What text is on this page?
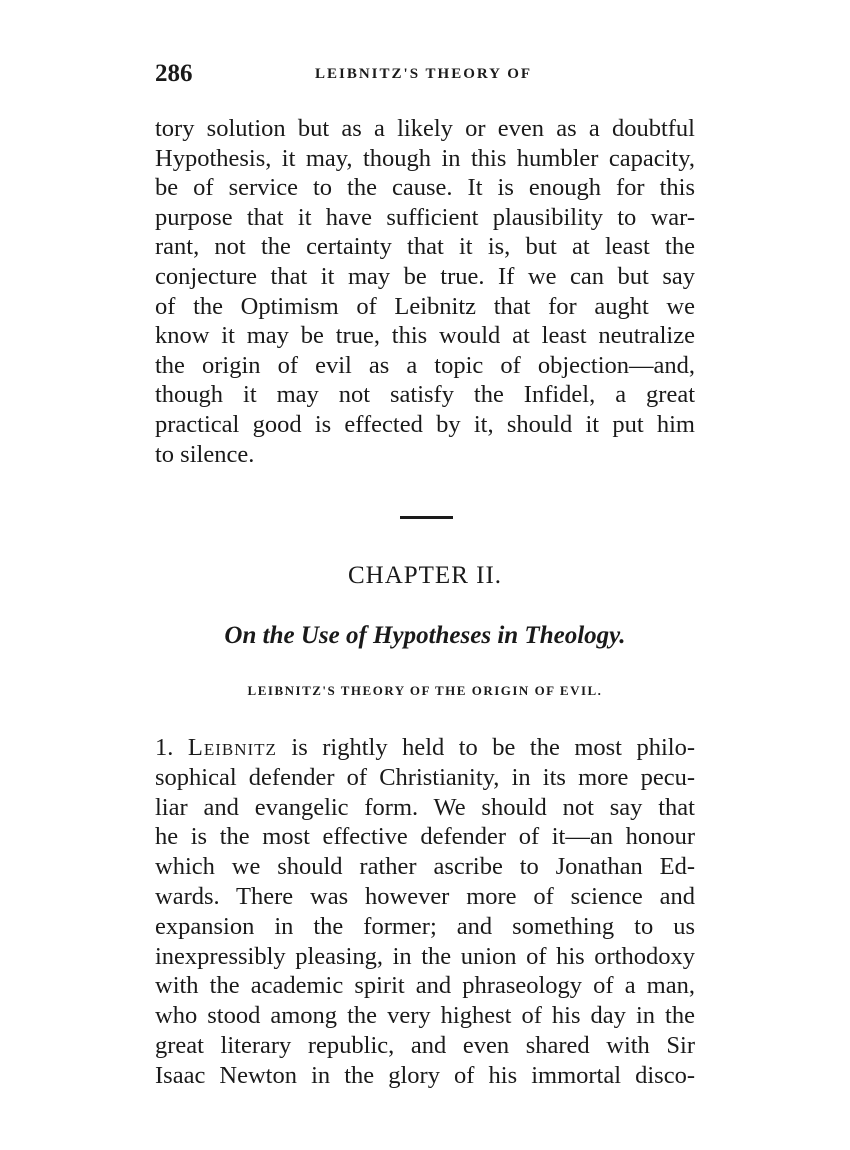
286	LEIBNITZ'S THEORY OF
tory solution but as a likely or even as a doubtful
Hypothesis, it may, though in this humbler capacity,
be of service to the cause. It is enough for this
purpose that it have sufficient plausibility to war-
rant, not the certainty that it is, but at least the
conjecture that it may be true. If we can but say
of the Optimism of Leibnitz that for aught we
know it may be true, this would at least neutralize
the origin of evil as a topic of objection—and,
though it may not satisfy the Infidel, a great
practical good is effected by it, should it put him
to silence.
CHAPTER II.
On the Use of Hypotheses in Theology.
LEIBNITZ'S THEORY OF THE ORIGIN OF EVIL.
1. Leibnitz is rightly held to be the most philo-
sophical defender of Christianity, in its more pecu-
liar and evangelic form. We should not say that
he is the most effective defender of it—an honour
which we should rather ascribe to Jonathan Ed-
wards. There was however more of science and
expansion in the former; and something to us
inexpressibly pleasing, in the union of his orthodoxy
with the academic spirit and phraseology of a man,
who stood among the very highest of his day in the
great literary republic, and even shared with Sir
Isaac Newton in the glory of his immortal disco-
